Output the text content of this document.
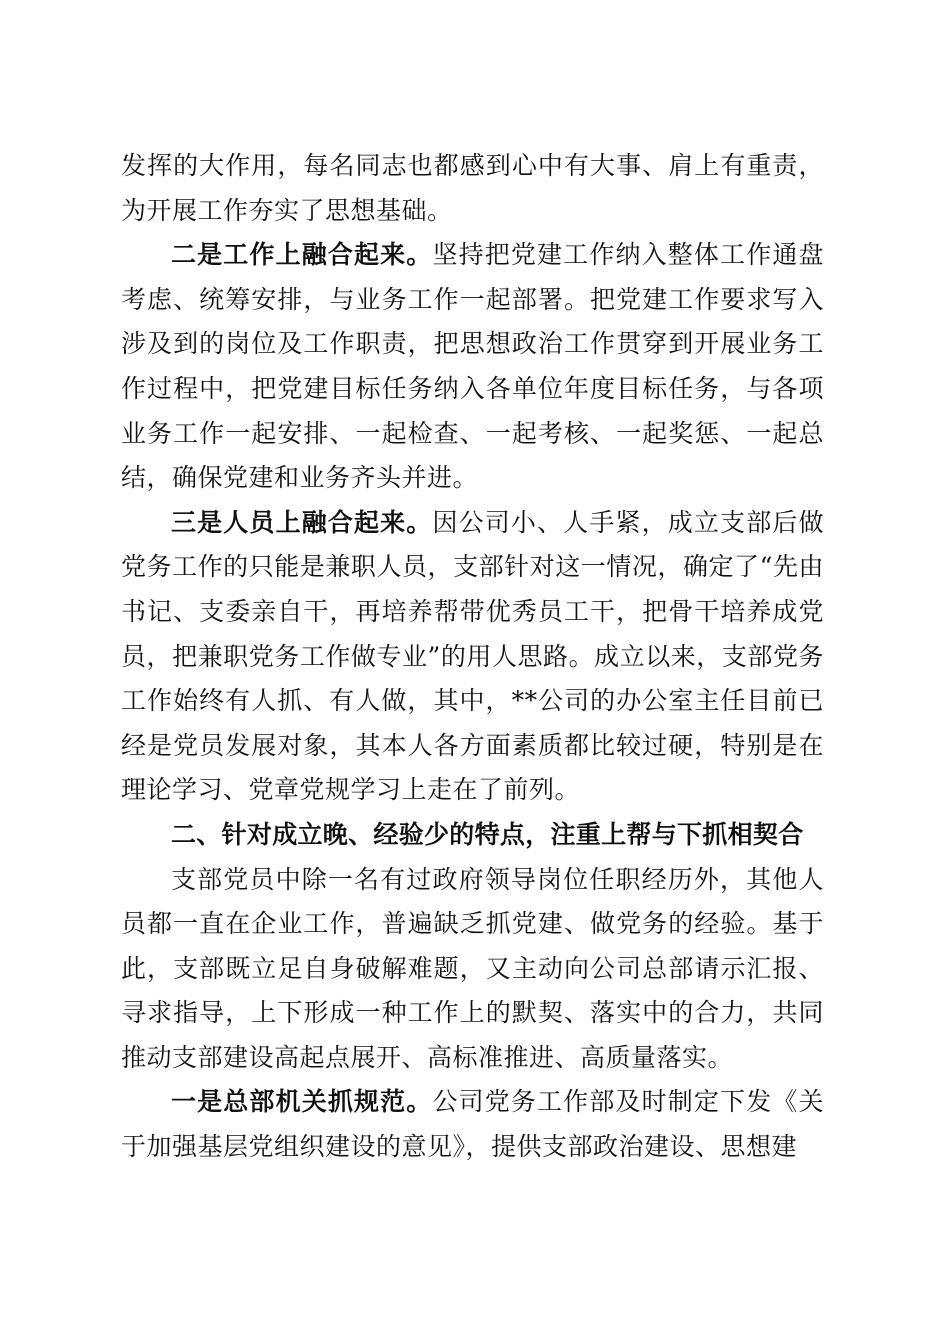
发挥的大作用，每名同志也都感到心中有大事、肩上有重责，为开展工作夯实了思想基础。

二是工作上融合起来。坚持把党建工作纳入整体工作通盘考虑、统筹安排，与业务工作一起部署。把党建工作要求写入涉及到的岗位及工作职责，把思想政治工作贯穿到开展业务工作过程中，把党建目标任务纳入各单位年度目标任务，与各项业务工作一起安排、一起检查、一起考核、一起奖惩、一起总结，确保党建和业务齐头并进。

三是人员上融合起来。因公司小、人手紧，成立支部后做党务工作的只能是兼职人员，支部针对这一情况，确定了“先由书记、支委亲自干，再培养帮带优秀员工干，把骨干培养成党员，把兼职党务工作做专业”的用人思路。成立以来，支部党务工作始终有人抓、有人做，其中，**公司的办公室主任目前已经是党员发展对象，其本人各方面素质都比较过硬，特别是在理论学习、党章党规学习上走在了前列。

二、针对成立晚、经验少的特点，注重上帮与下抓相契合

支部党员中除一名有过政府领导岗位任职经历外，其他人员都一直在企业工作，普遍缺乏抓党建、做党务的经验。基于此，支部既立足自身破解难题，又主动向公司总部请示汇报、寻求指导，上下形成一种工作上的默契、落实中的合力，共同推动支部建设高起点展开、高标准推进、高质量落实。

一是总部机关抓规范。公司党务工作部及时制定下发《关于加强基层党组织建设的意见》，提供支部政治建设、思想建
